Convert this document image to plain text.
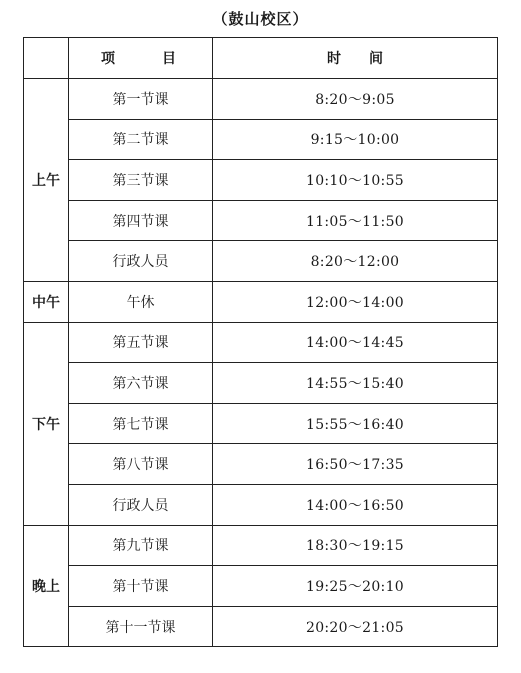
（鼓山校区）

	项 目	时 间

上午	第一节课	8:20～9:05
	第二节课	9:15～10:00
	第三节课	10:10～10:55
	第四节课	11:05～11:50
	行政人员	8:20～12:00
中午	午休	12:00～14:00
下午	第五节课	14:00～14:45
	第六节课	14:55～15:40
	第七节课	15:55～16:40
	第八节课	16:50～17:35
	行政人员	14:00～16:50
晚上	第九节课	18:30～19:15
	第十节课	19:25～20:10
	第十一节课	20:20～21:05
